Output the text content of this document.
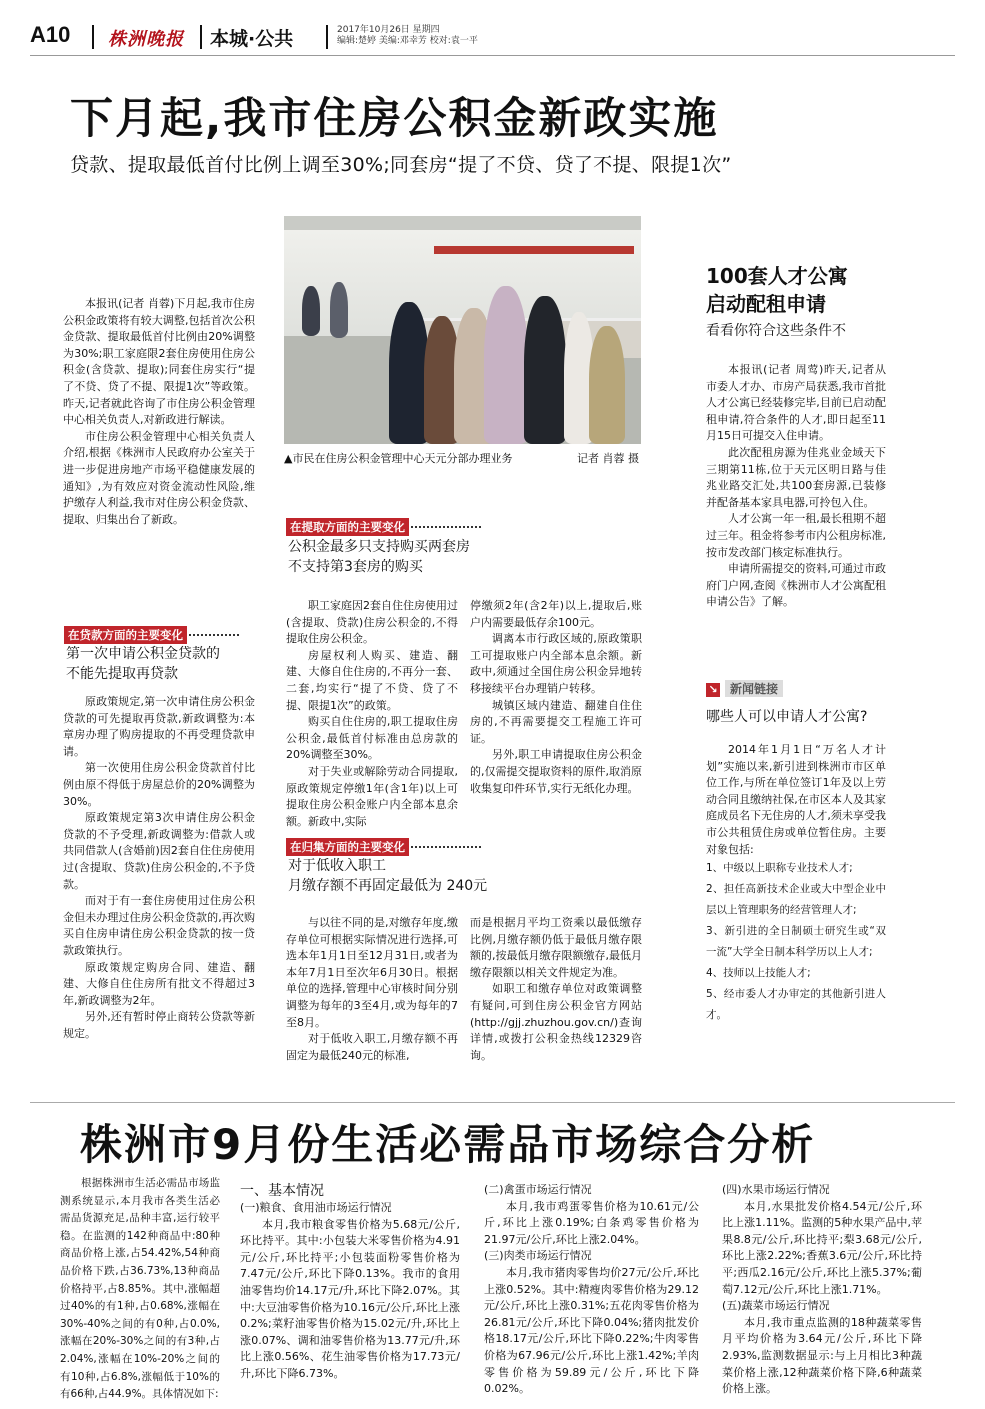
A10 株洲晚报 本城·公共	2017年10月26日 星期四
编辑:楚婷 美编:邓幸芳 校对:袁一平
下月起,我市住房公积金新政实施
贷款、提取最低首付比例上调至30%;同套房“提了不贷、贷了不提、限提1次”

本报讯(记者 肖蓉)下月起,我市住房公积金政策将有较大调整,包括首次公积金贷款、提取最低首付比例由20%调整为30%;职工家庭限2套住房使用住房公积金(含贷款、提取);同套住房实行“提了不贷、贷了不提、限提1次”等政策。昨天,记者就此咨询了市住房公积金管理中心相关负责人,对新政进行解读。

市住房公积金管理中心相关负责人介绍,根据《株洲市人民政府办公室关于进一步促进房地产市场平稳健康发展的通知》,为有效应对资金流动性风险,维护缴存人利益,我市对住房公积金贷款、提取、归集出台了新政。

▲市民在住房公积金管理中心天元分部办理业务	记者 肖蓉 摄
在提取方面的主要变化
公积金最多只支持购买两套房
不支持第3套房的购买

职工家庭因2套自住住房使用过(含提取、贷款)住房公积金的,不得提取住房公积金。

房屋权利人购买、建造、翻建、大修自住住房的,不再分一套、二套,均实行“提了不贷、贷了不提、限提1次”的政策。

购买自住住房的,职工提取住房公积金,最低首付标准由总房款的20%调整至30%。

对于失业或解除劳动合同提取,原政策规定停缴1年(含1年)以上可提取住房公积金账户内全部本息余额。新政中,实际

停缴须2年(含2年)以上,提取后,账户内需要最低存余100元。

调离本市行政区域的,原政策职工可提取账户内全部本息余额。新政中,须通过全国住房公积金异地转移接续平台办理销户转移。

城镇区域内建造、翻建自住住房的,不再需要提交工程施工许可证。

另外,职工申请提取住房公积金的,仅需提交提取资料的原件,取消原收集复印件环节,实行无纸化办理。

在贷款方面的主要变化
第一次申请公积金贷款的
不能先提取再贷款

原政策规定,第一次申请住房公积金贷款的可先提取再贷款,新政调整为:本章房办理了购房提取的不再受理贷款申请。

第一次使用住房公积金贷款首付比例由原不得低于房屋总价的20%调整为30%。

原政策规定第3次申请住房公积金贷款的不予受理,新政调整为:借款人或共同借款人(含婚前)因2套自住住房使用过(含提取、贷款)住房公积金的,不予贷款。

而对于有一套住房使用过住房公积金但未办理过住房公积金贷款的,再次购买自住房申请住房公积金贷款的按一贷款政策执行。

原政策规定购房合同、建造、翻建、大修自住住房所有批文不得超过3年,新政调整为2年。

另外,还有暂时停止商转公贷款等新规定。

在归集方面的主要变化
对于低收入职工
月缴存额不再固定最低为 240元

与以往不同的是,对缴存年度,缴存单位可根据实际情况进行选择,可选本年1月1日至12月31日,或者为本年7月1日至次年6月30日。根据单位的选择,管理中心审核时间分别调整为每年的3至4月,或为每年的7至8月。

对于低收入职工,月缴存额不再固定为最低240元的标准,

而是根据月平均工资乘以最低缴存比例,月缴存额仍低于最低月缴存限额的,按最低月缴存限额缴存,最低月缴存限额以相关文件规定为准。

如职工和缴存单位对政策调整有疑问,可到住房公积金官方网站(http://gjj.zhuzhou.gov.cn/)查询详情,或拨打公积金热线12329咨询。

100套人才公寓
启动配租申请
看看你符合这些条件不

本报讯(记者 周莺)昨天,记者从市委人才办、市房产局获悉,我市首批人才公寓已经装修完毕,目前已启动配租申请,符合条件的人才,即日起至11月15日可提交入住申请。

此次配租房源为佳兆业金域天下三期第11栋,位于天元区明日路与佳兆业路交汇处,共100套房源,已装修并配备基本家具电器,可拎包入住。

人才公寓一年一租,最长租期不超过三年。租金将参考市内公租房标准,按市发改部门核定标准执行。

申请所需提交的资料,可通过市政府门户网,查阅《株洲市人才公寓配租申请公告》了解。

↘ 新闻链接
哪些人可以申请人才公寓?

2014年1月1日“万名人才计划”实施以来,新引进到株洲市市区单位工作,与所在单位签订1年及以上劳动合同且缴纳社保,在市区本人及其家庭成员名下无住房的人才,须未享受我市公共租赁住房或单位暂住房。主要对象包括:

1、中级以上职称专业技术人才;
2、担任高新技术企业或大中型企业中层以上管理职务的经营管理人才;
3、新引进的全日制硕士研究生或“双一流”大学全日制本科学历以上人才;
4、技师以上技能人才;
5、经市委人才办审定的其他新引进人才。
株洲市9月份生活必需品市场综合分析

根据株洲市生活必需品市场监测系统显示,本月我市各类生活必需品货源充足,品种丰富,运行较平稳。在监测的142种商品中:80种商品价格上涨,占54.42%,54种商品价格下跌,占36.73%,13种商品价格持平,占8.85%。其中,涨幅超过40%的有1种,占0.68%,涨幅在30%-40%之间的有0种,占0.0%,涨幅在20%-30%之间的有3种,占2.04%,涨幅在10%-20%之间的有10种,占6.8%,涨幅低于10%的有66种,占44.9%。具体情况如下:

一、基本情况

(一)粮食、食用油市场运行情况

本月,我市粮食零售价格为5.68元/公斤,环比持平。其中:小包装大米零售价格为4.91元/公斤,环比持平;小包装面粉零售价格为7.47元/公斤,环比下降0.13%。我市的食用油零售均价14.17元/升,环比下降2.07%。其中:大豆油零售价格为10.16元/公斤,环比上涨0.2%;菜籽油零售价格为15.02元/升,环比上涨0.07%、调和油零售价格为13.77元/升,环比上涨0.56%、花生油零售价格为17.73元/升,环比下降6.73%。

(二)禽蛋市场运行情况

本月,我市鸡蛋零售价格为10.61元/公斤,环比上涨0.19%;白条鸡零售价格为21.97元/公斤,环比上涨2.04%。

(三)肉类市场运行情况

本月,我市猪肉零售均价27元/公斤,环比上涨0.52%。其中:精瘦肉零售价格为29.12元/公斤,环比上涨0.31%;五花肉零售价格为26.81元/公斤,环比下降0.04%;猪肉批发价格18.17元/公斤,环比下降0.22%;牛肉零售价格为67.96元/公斤,环比上涨1.42%;羊肉零售价格为59.89元/公斤,环比下降0.02%。

(四)水果市场运行情况

本月,水果批发价格4.54元/公斤,环比上涨1.11%。监测的5种水果产品中,苹果8.8元/公斤,环比持平;梨3.68元/公斤,环比上涨2.22%;香蕉3.6元/公斤,环比持平;西瓜2.16元/公斤,环比上涨5.37%;葡萄7.12元/公斤,环比上涨1.71%。

(五)蔬菜市场运行情况

本月,我市重点监测的18种蔬菜零售月平均价格为3.64元/公斤,环比下降2.93%,监测数据显示:与上月相比3种蔬菜价格上涨,12种蔬菜价格下降,6种蔬菜价格上涨。
